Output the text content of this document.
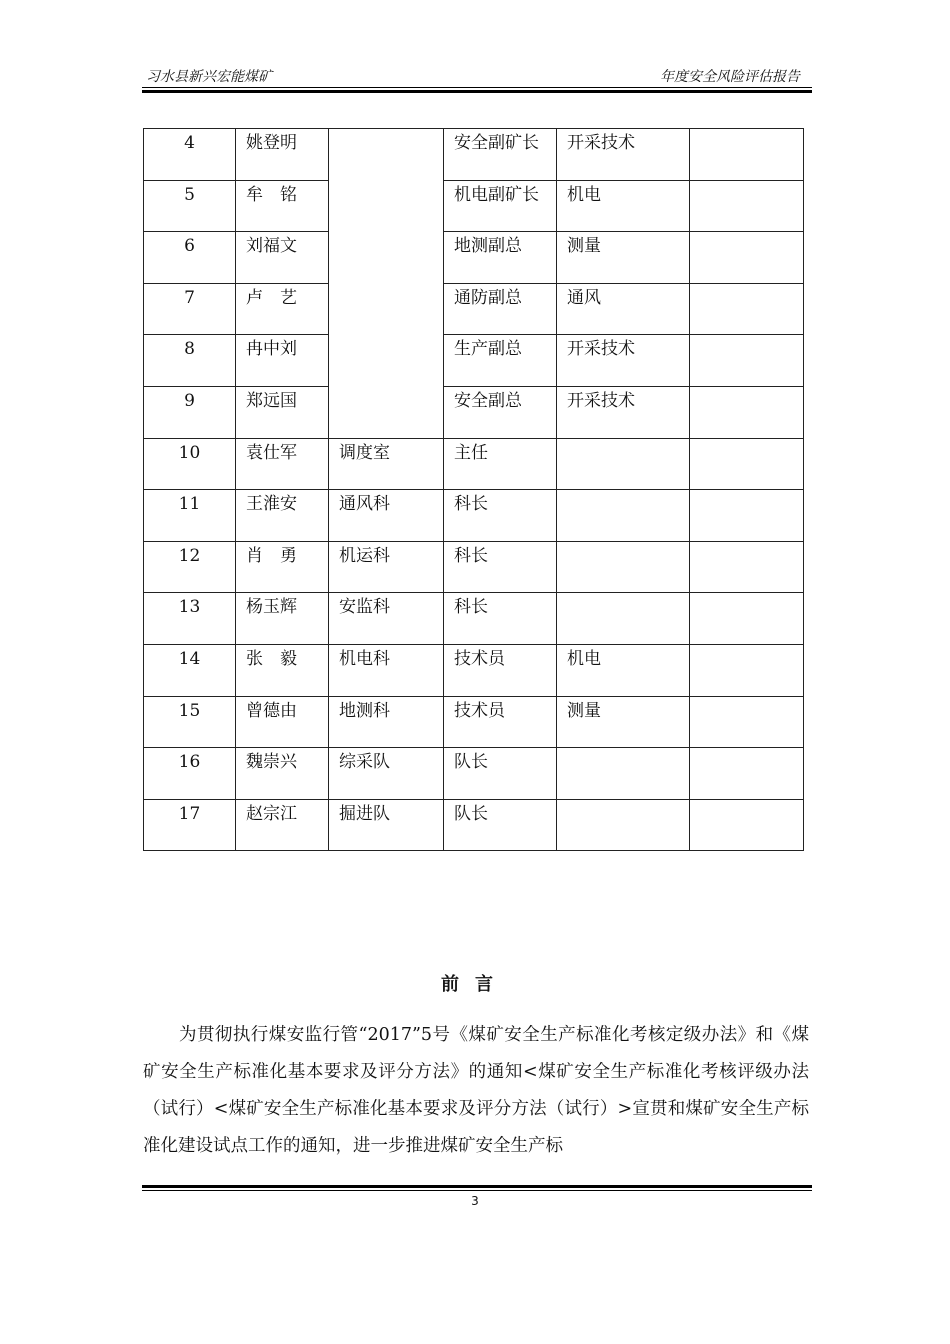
习水县新兴宏能煤矿	年度安全风险评估报告
4	姚登明		安全副矿长	开采技术	
5	牟　铭		机电副矿长	机电	
6	刘福文		地测副总	测量	
7	卢　艺		通防副总	通风	
8	冉中刘		生产副总	开采技术	
9	郑远国		安全副总	开采技术	
10	袁仕军	调度室	主任		
11	王淮安	通风科	科长		
12	肖　勇	机运科	科长		
13	杨玉辉	安监科	科长		
14	张　毅	机电科	技术员	机电	
15	曾德由	地测科	技术员	测量	
16	魏崇兴	综采队	队长		
17	赵宗江	掘进队	队长		
前言
为贯彻执行煤安监行管“2017”5号《煤矿安全生产标准化考核定级办法》和《煤矿安全生产标准化基本要求及评分方法》的通知<煤矿安全生产标准化考核评级办法（试行）<煤矿安全生产标准化基本要求及评分方法（试行）>宣贯和煤矿安全生产标准化建设试点工作的通知，进一步推进煤矿安全生产标
3
